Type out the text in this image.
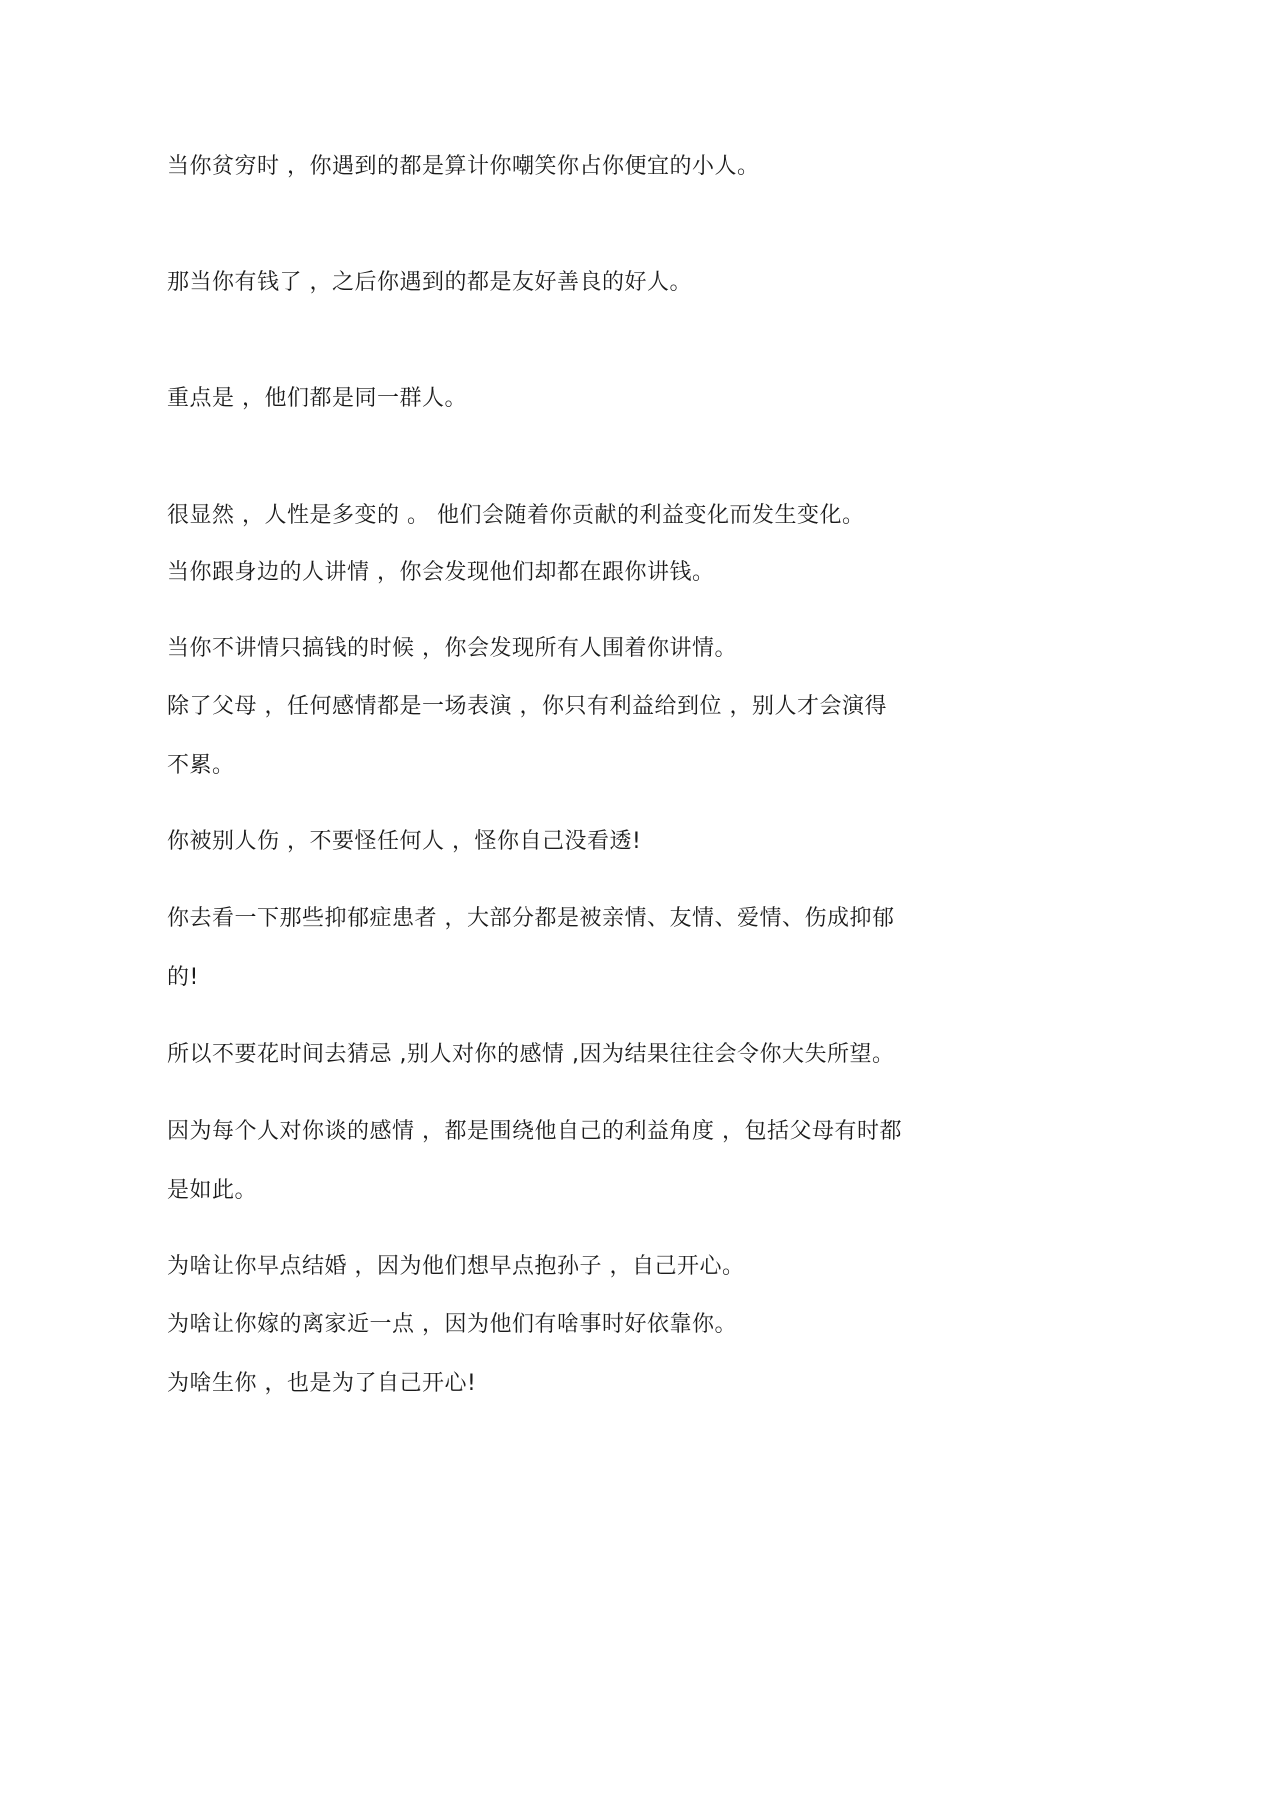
当你贫穷时 ，你遇到的都是算计你嘲笑你占你便宜的小人。

那当你有钱了 ，之后你遇到的都是友好善良的好人。

重点是 ，他们都是同一群人。

很显然 ，人性是多变的 。 他们会随着你贡献的利益变化而发生变化。

当你跟身边的人讲情 ，你会发现他们却都在跟你讲钱。

当你不讲情只搞钱的时候 ，你会发现所有人围着你讲情。

除了父母 ，任何感情都是一场表演 ，你只有利益给到位 ，别人才会演得

不累。

你被别人伤 ，不要怪任何人 ，怪你自己没看透!

你去看一下那些抑郁症患者 ，大部分都是被亲情、友情、爱情、伤成抑郁

的!

所以不要花时间去猜忌 ,别人对你的感情 ,因为结果往往会令你大失所望。

因为每个人对你谈的感情 ，都是围绕他自己的利益角度 ，包括父母有时都

是如此。

为啥让你早点结婚 ，因为他们想早点抱孙子 ，自己开心。

为啥让你嫁的离家近一点 ，因为他们有啥事时好依靠你。

为啥生你 ，也是为了自己开心!
